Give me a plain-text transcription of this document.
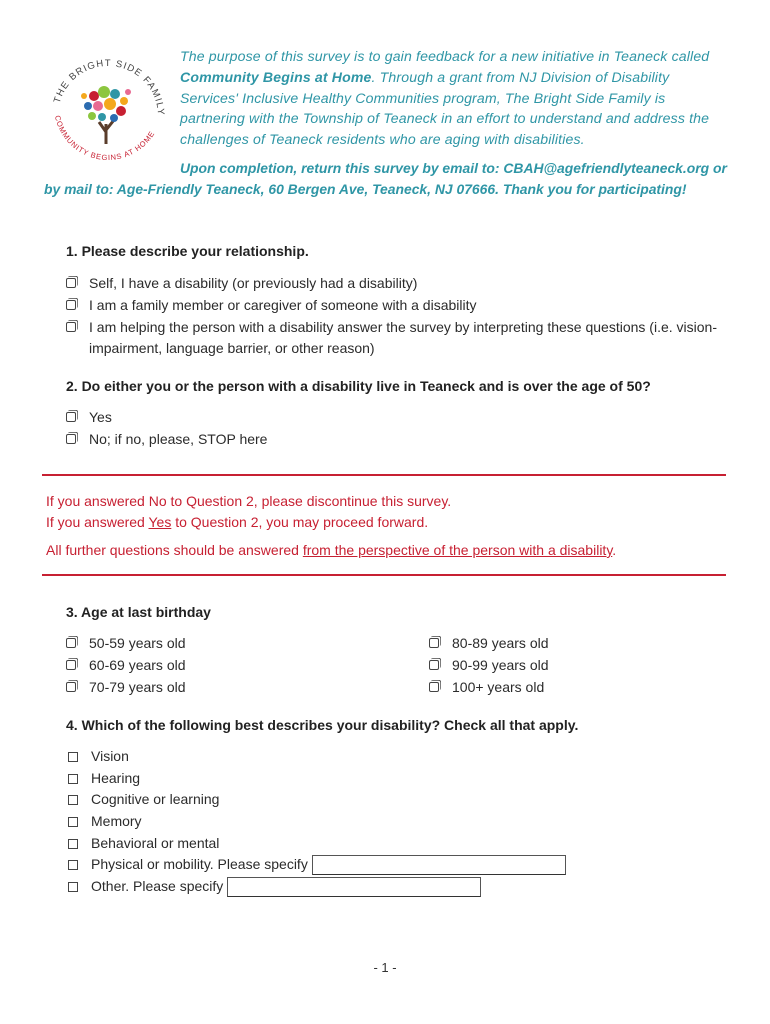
THE BRIGHT SIDE FAMILY
COMMUNITY BEGINS AT HOME
The purpose of this survey is to gain feedback for a new initiative in Teaneck called Community Begins at Home. Through a grant from NJ Division of Disability Services' Inclusive Healthy Communities program, The Bright Side Family is partnering with the Township of Teaneck in an effort to understand and address the challenges of Teaneck residents who are aging with disabilities.
Upon completion, return this survey by email to: CBAH@agefriendlyteaneck.org or by mail to: Age-Friendly Teaneck, 60 Bergen Ave, Teaneck, NJ 07666. Thank you for participating!
1. Please describe your relationship.
Self, I have a disability (or previously had a disability)
I am a family member or caregiver of someone with a disability
I am helping the person with a disability answer the survey by interpreting these questions (i.e. vision-impairment, language barrier, or other reason)
2. Do either you or the person with a disability live in Teaneck and is over the age of 50?
Yes
No; if no, please, STOP here
If you answered No to Question 2, please discontinue this survey.
If you answered Yes to Question 2, you may proceed forward.
All further questions should be answered from the perspective of the person with a disability.
3. Age at last birthday
50-59 years old
60-69 years old
70-79 years old
80-89 years old
90-99 years old
100+ years old
4. Which of the following best describes your disability? Check all that apply.
Vision
Hearing
Cognitive or learning
Memory
Behavioral or mental
Physical or mobility. Please specify
Other. Please specify
- 1 -
